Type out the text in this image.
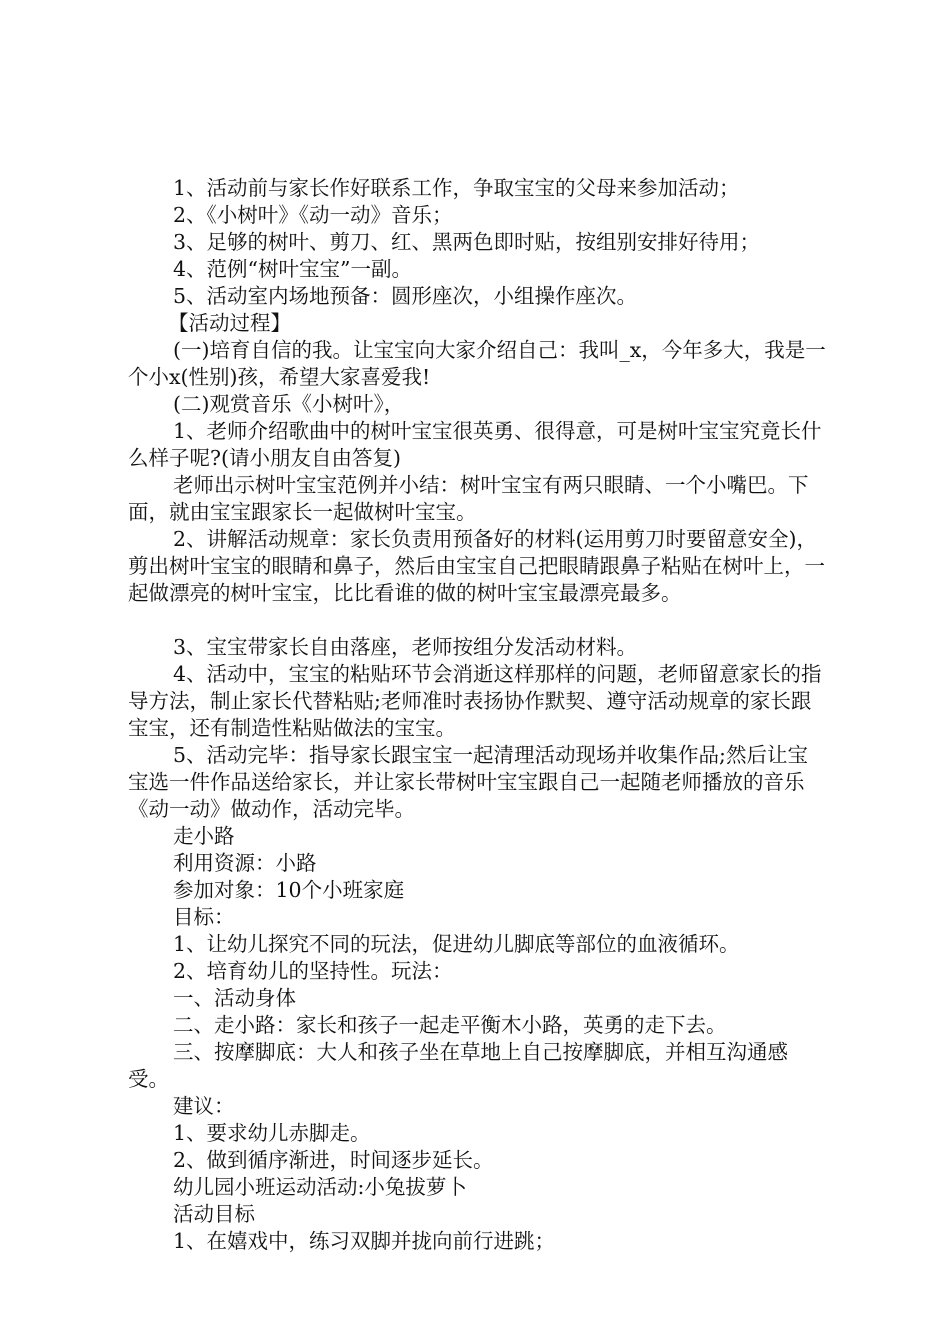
1、活动前与家长作好联系工作，争取宝宝的父母来参加活动；

2、《小树叶》《动一动》音乐；

3、足够的树叶、剪刀、红、黑两色即时贴，按组别安排好待用；

4、范例“树叶宝宝”一副。

5、活动室内场地预备：圆形座次，小组操作座次。

【活动过程】

(一)培育自信的我。让宝宝向大家介绍自己：我叫_x，今年多大，我是一个小x(性别)孩，希望大家喜爱我!

(二)观赏音乐《小树叶》，

1、老师介绍歌曲中的树叶宝宝很英勇、很得意，可是树叶宝宝究竟长什么样子呢?(请小朋友自由答复)

老师出示树叶宝宝范例并小结：树叶宝宝有两只眼睛、一个小嘴巴。下面，就由宝宝跟家长一起做树叶宝宝。

2、讲解活动规章：家长负责用预备好的材料(运用剪刀时要留意安全)，剪出树叶宝宝的眼睛和鼻子，然后由宝宝自己把眼睛跟鼻子粘贴在树叶上，一起做漂亮的树叶宝宝，比比看谁的做的树叶宝宝最漂亮最多。

3、宝宝带家长自由落座，老师按组分发活动材料。

4、活动中，宝宝的粘贴环节会消逝这样那样的问题，老师留意家长的指导方法，制止家长代替粘贴;老师准时表扬协作默契、遵守活动规章的家长跟宝宝，还有制造性粘贴做法的宝宝。

5、活动完毕：指导家长跟宝宝一起清理活动现场并收集作品;然后让宝宝选一件作品送给家长，并让家长带树叶宝宝跟自己一起随老师播放的音乐《动一动》做动作，活动完毕。

走小路

利用资源：小路

参加对象：10个小班家庭

目标：

1、让幼儿探究不同的玩法，促进幼儿脚底等部位的血液循环。

2、培育幼儿的坚持性。玩法：

一、活动身体

二、走小路：家长和孩子一起走平衡木小路，英勇的走下去。

三、按摩脚底：大人和孩子坐在草地上自己按摩脚底，并相互沟通感受。

建议：

1、要求幼儿赤脚走。

2、做到循序渐进，时间逐步延长。

幼儿园小班运动活动:小兔拔萝卜

活动目标

1、在嬉戏中，练习双脚并拢向前行进跳；
